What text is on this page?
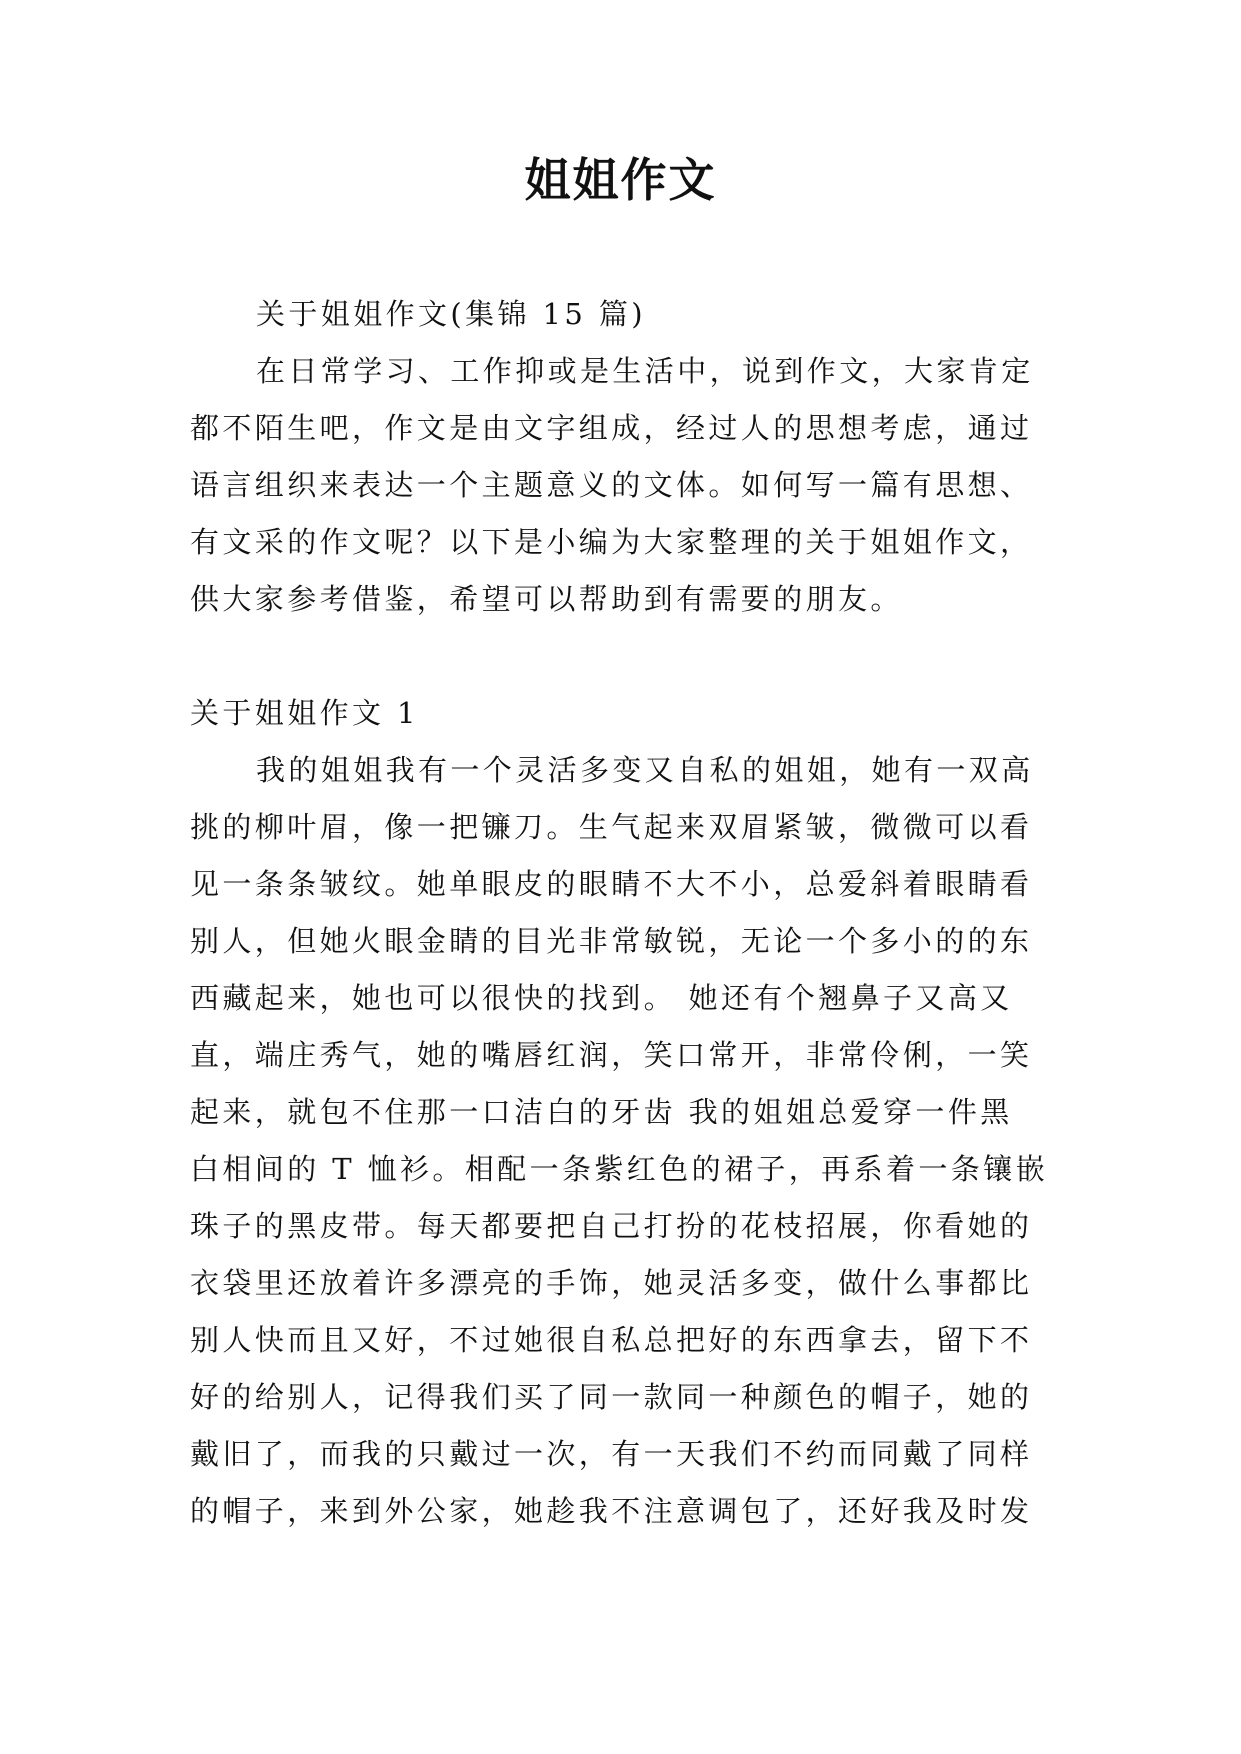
姐姐作文

关于姐姐作文(集锦 15 篇)

在日常学习、工作抑或是生活中，说到作文，大家肯定

都不陌生吧，作文是由文字组成，经过人的思想考虑，通过

语言组织来表达一个主题意义的文体。如何写一篇有思想、

有文采的作文呢？以下是小编为大家整理的关于姐姐作文，

供大家参考借鉴，希望可以帮助到有需要的朋友。

关于姐姐作文 1

我的姐姐我有一个灵活多变又自私的姐姐，她有一双高

挑的柳叶眉，像一把镰刀。生气起来双眉紧皱，微微可以看

见一条条皱纹。她单眼皮的眼睛不大不小，总爱斜着眼睛看

别人，但她火眼金睛的目光非常敏锐，无论一个多小的的东

西藏起来，她也可以很快的找到。 她还有个翘鼻子又高又

直，端庄秀气，她的嘴唇红润，笑口常开，非常伶俐，一笑

起来，就包不住那一口洁白的牙齿 我的姐姐总爱穿一件黑

白相间的 T 恤衫。相配一条紫红色的裙子，再系着一条镶嵌

珠子的黑皮带。每天都要把自己打扮的花枝招展，你看她的

衣袋里还放着许多漂亮的手饰，她灵活多变，做什么事都比

别人快而且又好，不过她很自私总把好的东西拿去，留下不

好的给别人，记得我们买了同一款同一种颜色的帽子，她的

戴旧了，而我的只戴过一次，有一天我们不约而同戴了同样

的帽子，来到外公家，她趁我不注意调包了，还好我及时发
